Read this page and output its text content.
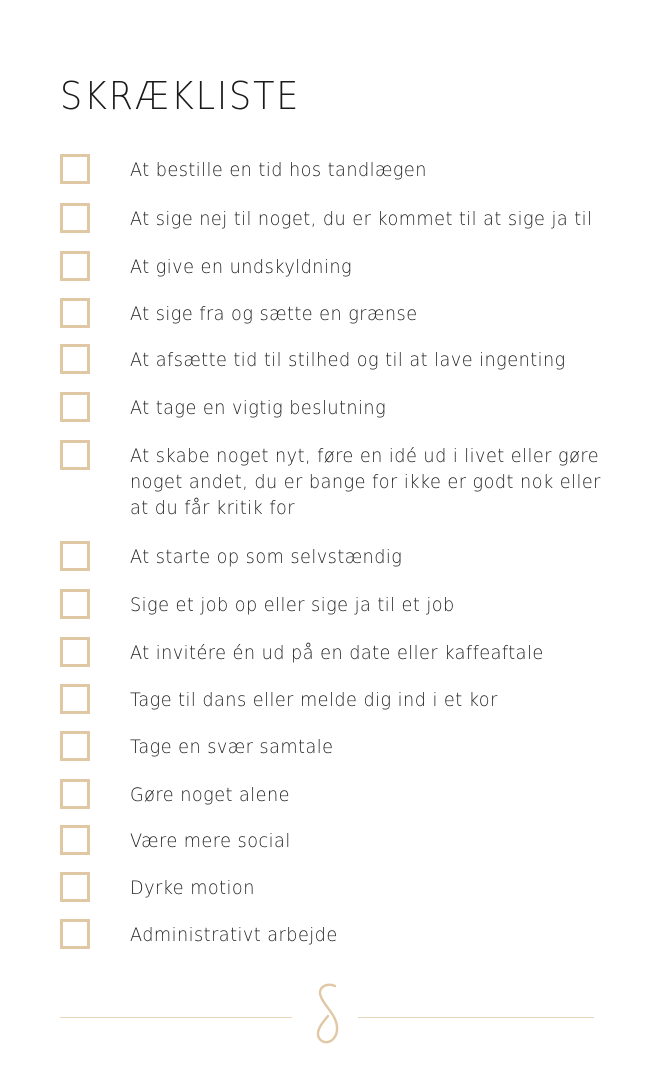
SKRÆKLISTE
At bestille en tid hos tandlægen
At sige nej til noget, du er kommet til at sige ja til
At give en undskyldning
At sige fra og sætte en grænse
At afsætte tid til stilhed og til at lave ingenting
At tage en vigtig beslutning
At skabe noget nyt, føre en idé ud i livet eller gøre noget andet, du er bange for ikke er godt nok eller at du får kritik for
At starte op som selvstændig
Sige et job op eller sige ja til et job
At invitére én ud på en date eller kaffeaftale
Tage til dans eller melde dig ind i et kor
Tage en svær samtale
Gøre noget alene
Være mere social
Dyrke motion
Administrativt arbejde
